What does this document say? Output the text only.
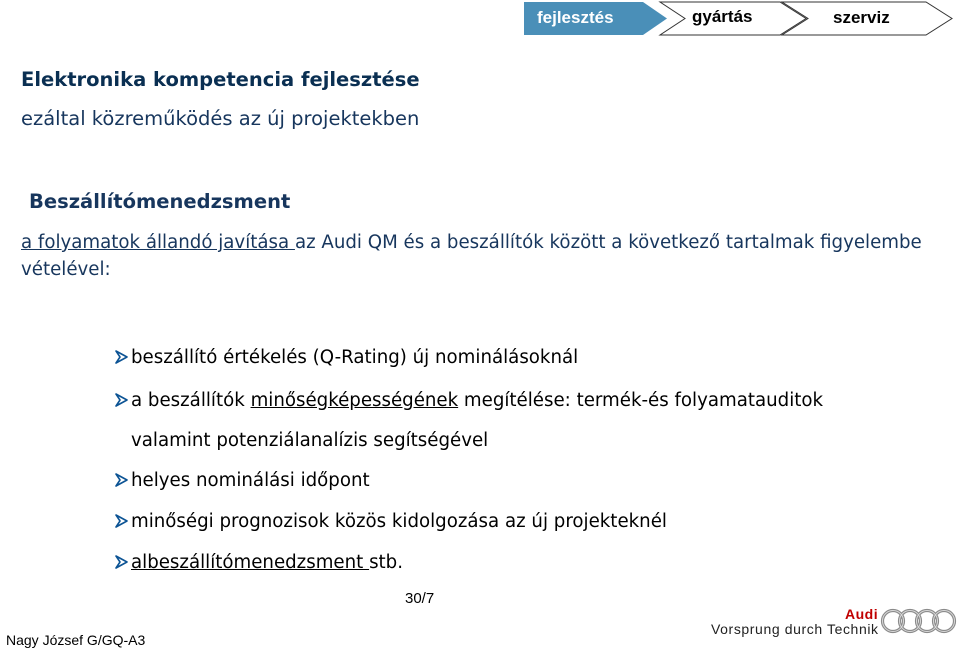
fejlesztés	gyártás	szerviz
Elektronika kompetencia fejlesztése
ezáltal közreműködés az új projektekben
Beszállítómenedzsment
a folyamatok állandó javítása az Audi QM és a beszállítók között a következő tartalmak figyelembe vételével:
beszállító értékelés (Q-Rating) új nominálásoknál
a beszállítók minőségképességének megítélése: termék-és folyamatauditok
valamint potenziálanalízis segítségével
helyes nominálási időpont
minőségi prognozisok közös kidolgozása az új projekteknél
albeszállítómenedzsment stb.
30/7
Nagy József G/GQ-A3
Audi
Vorsprung durch Technik
